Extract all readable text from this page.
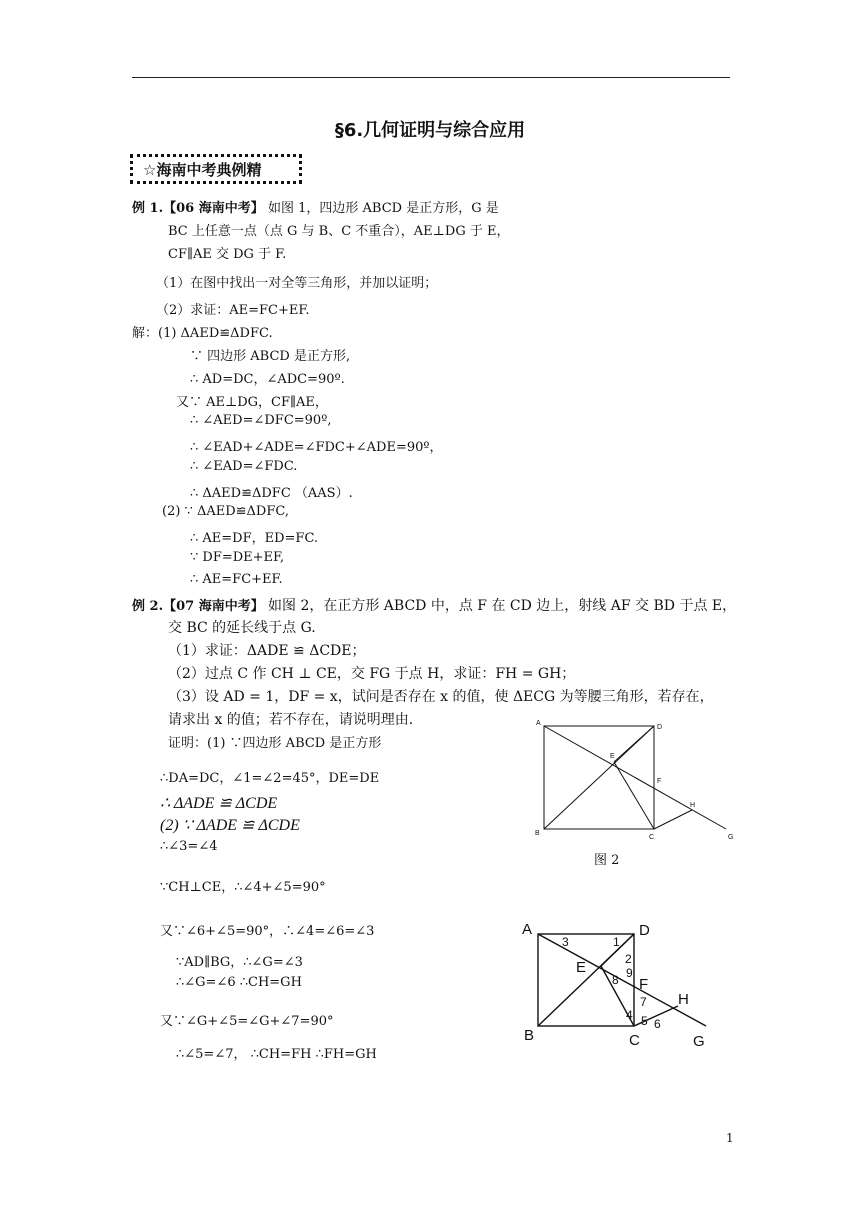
§6.几何证明与综合应用
☆海南中考典例精
例 1.【06 海南中考】 如图 1，四边形 ABCD 是正方形，G 是
BC 上任意一点（点 G 与 B、C 不重合），AE⊥DG 于 E，
CF∥AE 交 DG 于 F.
（1）在图中找出一对全等三角形，并加以证明；
（2）求证：AE=FC+EF.
解：(1) ΔAED≌ΔDFC.
∵ 四边形 ABCD 是正方形,
∴ AD=DC，∠ADC=90º.
又∵ AE⊥DG，CF∥AE，
∴ ∠AED=∠DFC=90º,
∴ ∠EAD+∠ADE=∠FDC+∠ADE=90º，
∴ ∠EAD=∠FDC.
∴ ΔAED≌ΔDFC （AAS）.
(2) ∵ ΔAED≌ΔDFC,
∴ AE=DF，ED=FC.
∵ DF=DE+EF,
∴ AE=FC+EF.
例 2.【07 海南中考】 如图 2，在正方形 ABCD 中，点 F 在 CD 边上，射线 AF 交 BD 于点 E，
交 BC 的延长线于点 G.
（1）求证：ΔADE ≌ ΔCDE；
（2）过点 C 作 CH ⊥ CE，交 FG 于点 H，求证：FH = GH；
（3）设 AD = 1，DF = x，试问是否存在 x 的值，使 ΔECG 为等腰三角形，若存在，
请求出 x 的值；若不存在，请说明理由.
证明：(1) ∵四边形 ABCD 是正方形
∴DA=DC，∠1=∠2=45°，DE=DE
∴ ΔADE ≌ ΔCDE
(2) ∵ ΔADE ≌ ΔCDE
∴∠3=∠4
∵CH⊥CE，∴∠4+∠5=90°
又∵∠6+∠5=90°，∴∠4=∠6=∠3
∵AD∥BG，∴∠G=∠3
∴∠G=∠6 ∴CH=GH
又∵∠G+∠5=∠G+∠7=90°
∴∠5=∠7， ∴CH=FH ∴FH=GH
A
D
E
F
H
B
C	G
图 2
A	D
E
F
H
B	C	G
1
2
3
4 5 6
7
8 9
1
